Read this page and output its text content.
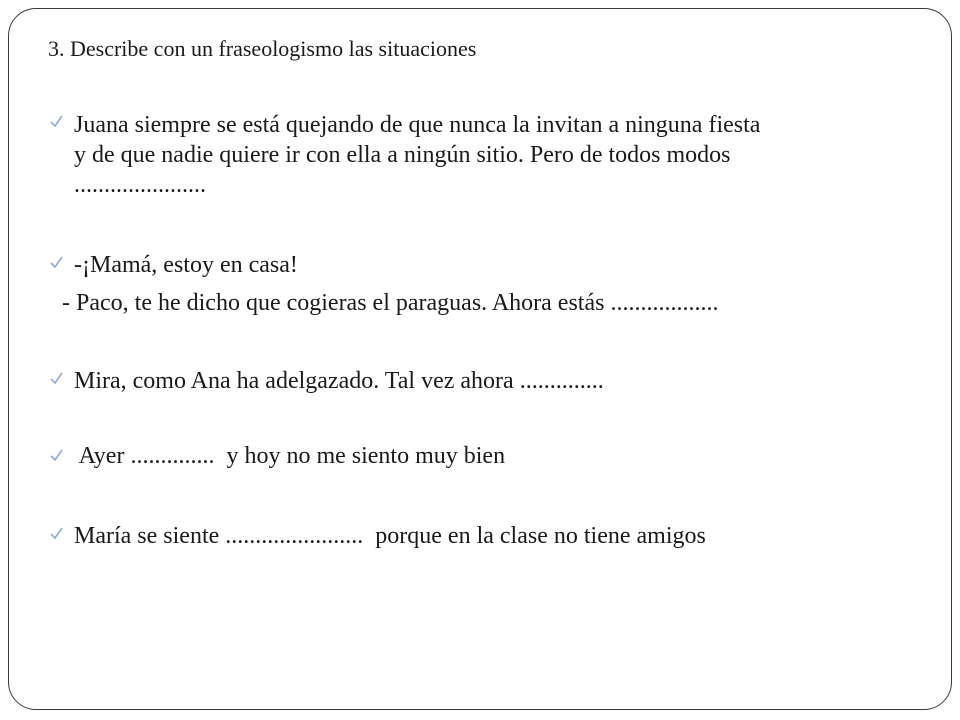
3. Describe con un fraseologismo las situaciones
Juana siempre se está quejando de que nunca la invitan a ninguna fiesta
y de que nadie quiere ir con ella a ningún sitio. Pero de todos modos
......................
-¡Mamá, estoy en casa!
- Paco, te he dicho que cogieras el paraguas. Ahora estás ..................
Mira, como Ana ha adelgazado. Tal vez ahora ..............
Ayer ..............  y hoy no me siento muy bien
María se siente .......................  porque en la clase no tiene amigos
